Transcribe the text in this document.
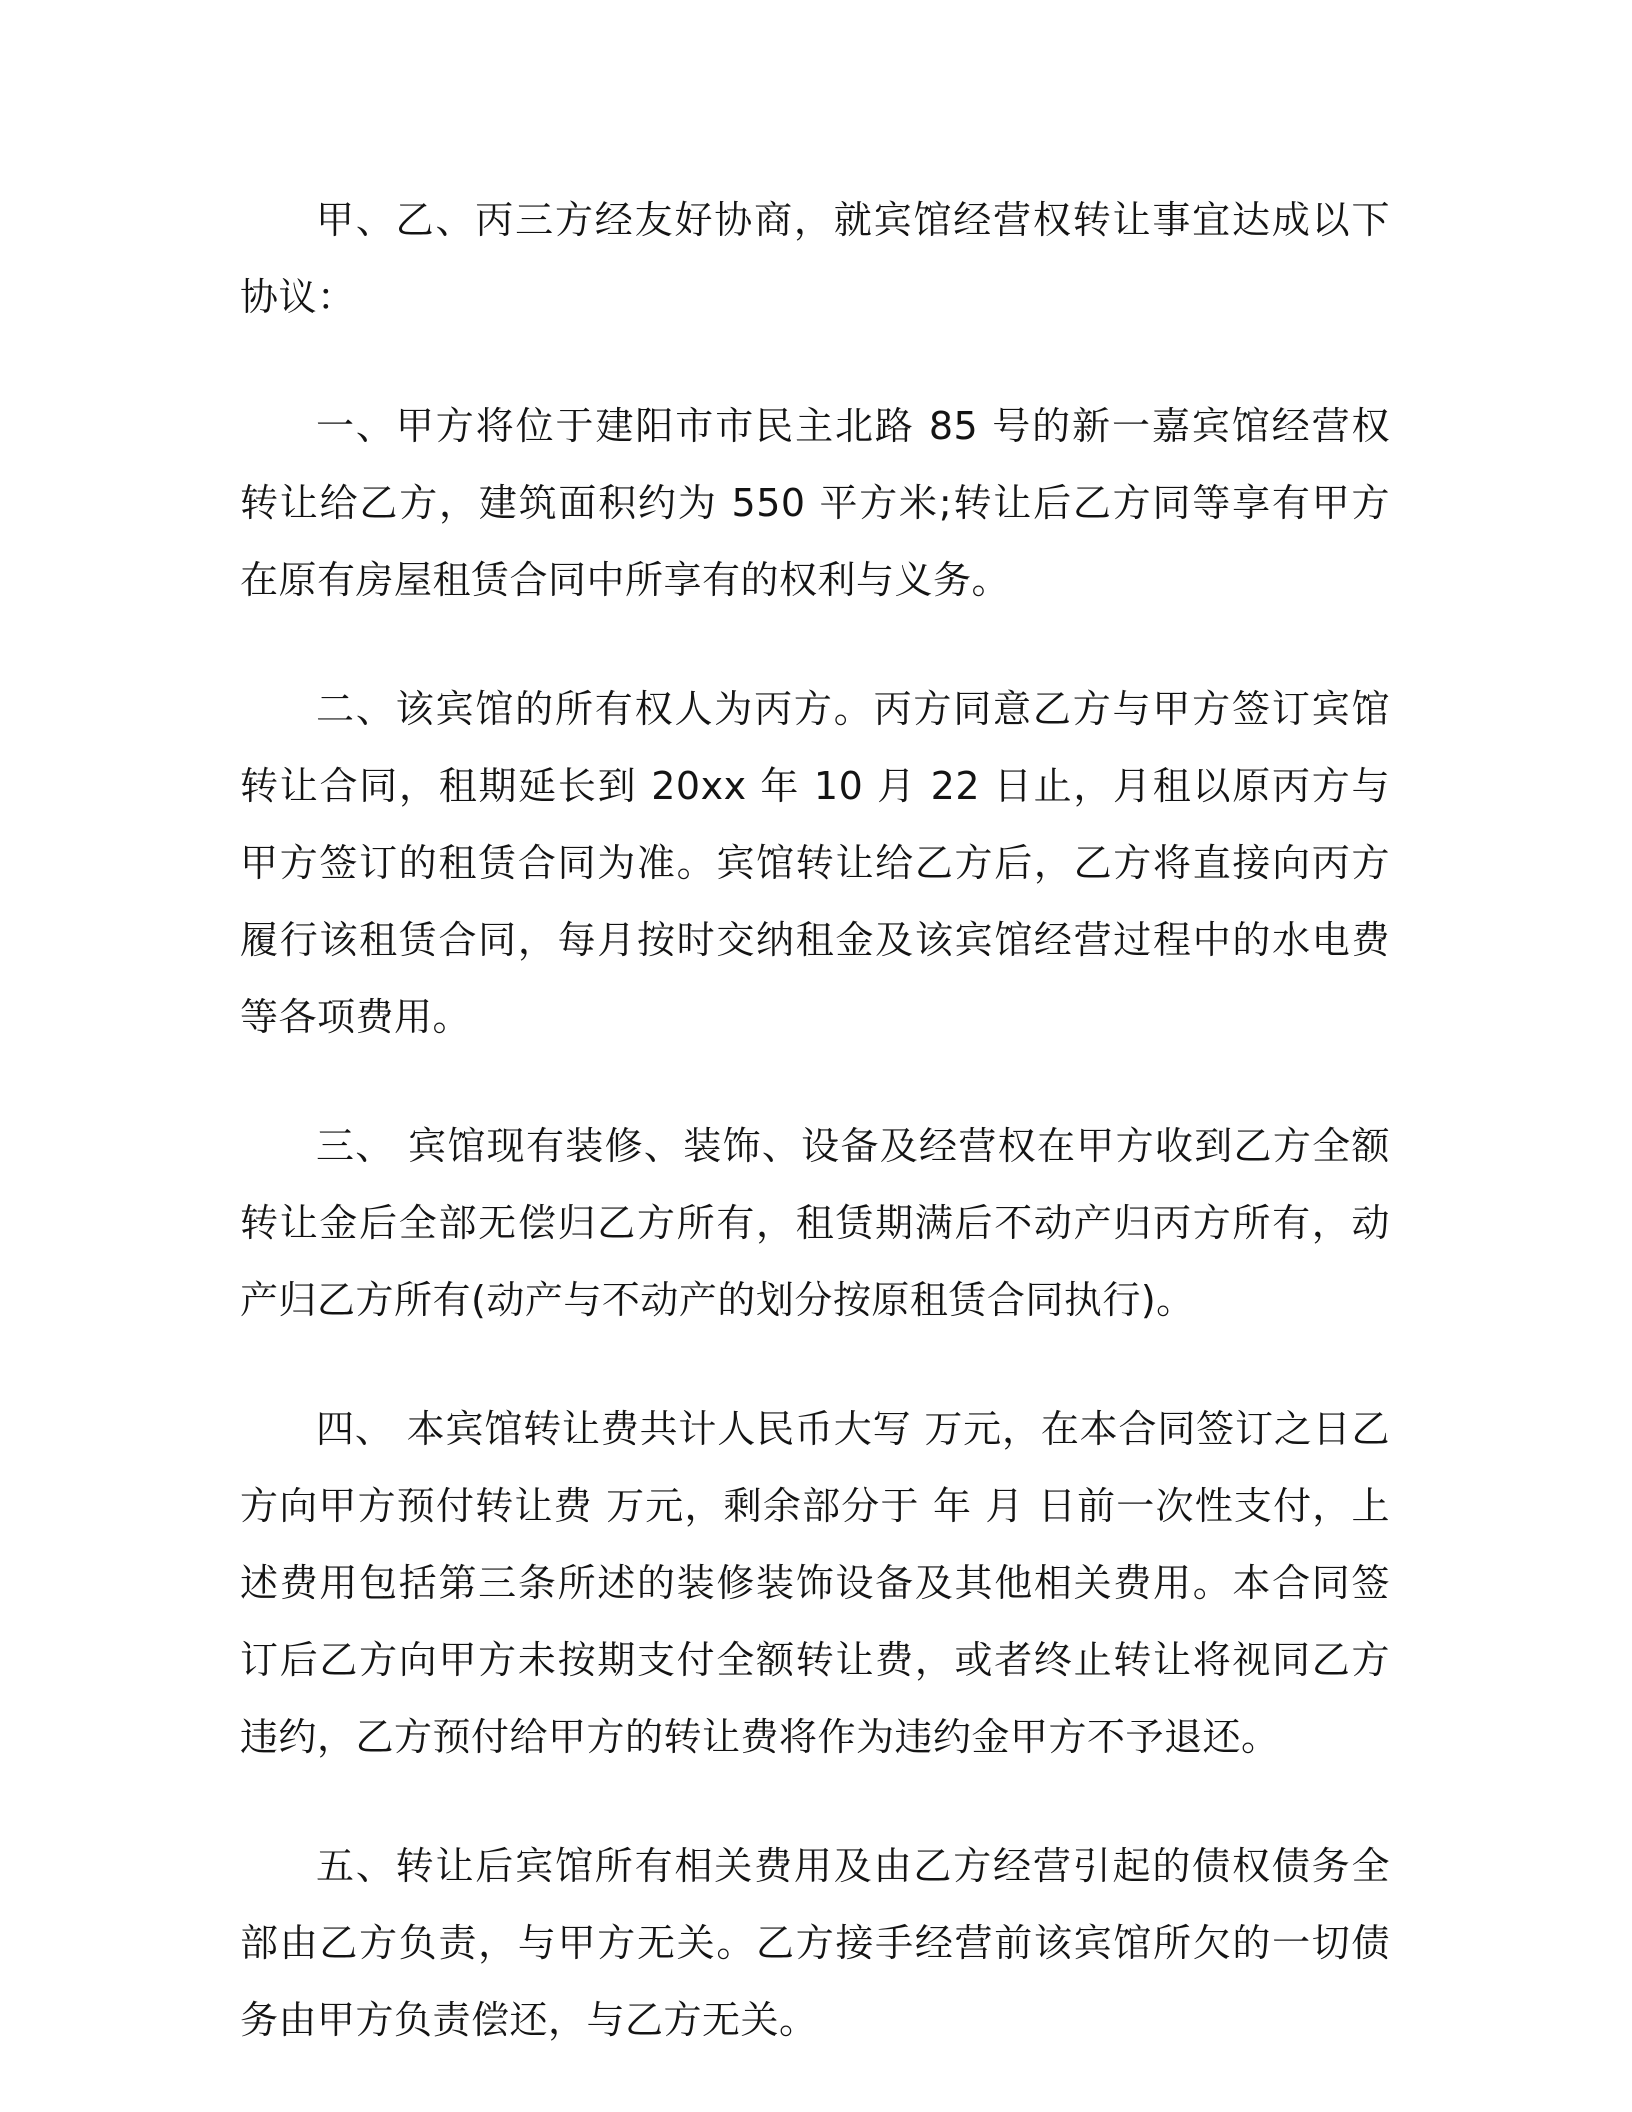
甲、乙、丙三方经友好协商，就宾馆经营权转让事宜达成以下协议：

一、甲方将位于建阳市市民主北路 85 号的新一嘉宾馆经营权转让给乙方，建筑面积约为 550 平方米;转让后乙方同等享有甲方在原有房屋租赁合同中所享有的权利与义务。

二、该宾馆的所有权人为丙方。丙方同意乙方与甲方签订宾馆转让合同，租期延长到 20xx 年 10 月 22 日止，月租以原丙方与甲方签订的租赁合同为准。宾馆转让给乙方后，乙方将直接向丙方履行该租赁合同，每月按时交纳租金及该宾馆经营过程中的水电费等各项费用。

三、 宾馆现有装修、装饰、设备及经营权在甲方收到乙方全额转让金后全部无偿归乙方所有，租赁期满后不动产归丙方所有，动产归乙方所有(动产与不动产的划分按原租赁合同执行)。

四、 本宾馆转让费共计人民币大写 万元，在本合同签订之日乙方向甲方预付转让费 万元，剩余部分于 年 月 日前一次性支付，上述费用包括第三条所述的装修装饰设备及其他相关费用。本合同签订后乙方向甲方未按期支付全额转让费，或者终止转让将视同乙方违约，乙方预付给甲方的转让费将作为违约金甲方不予退还。

五、转让后宾馆所有相关费用及由乙方经营引起的债权债务全部由乙方负责，与甲方无关。乙方接手经营前该宾馆所欠的一切债务由甲方负责偿还，与乙方无关。
